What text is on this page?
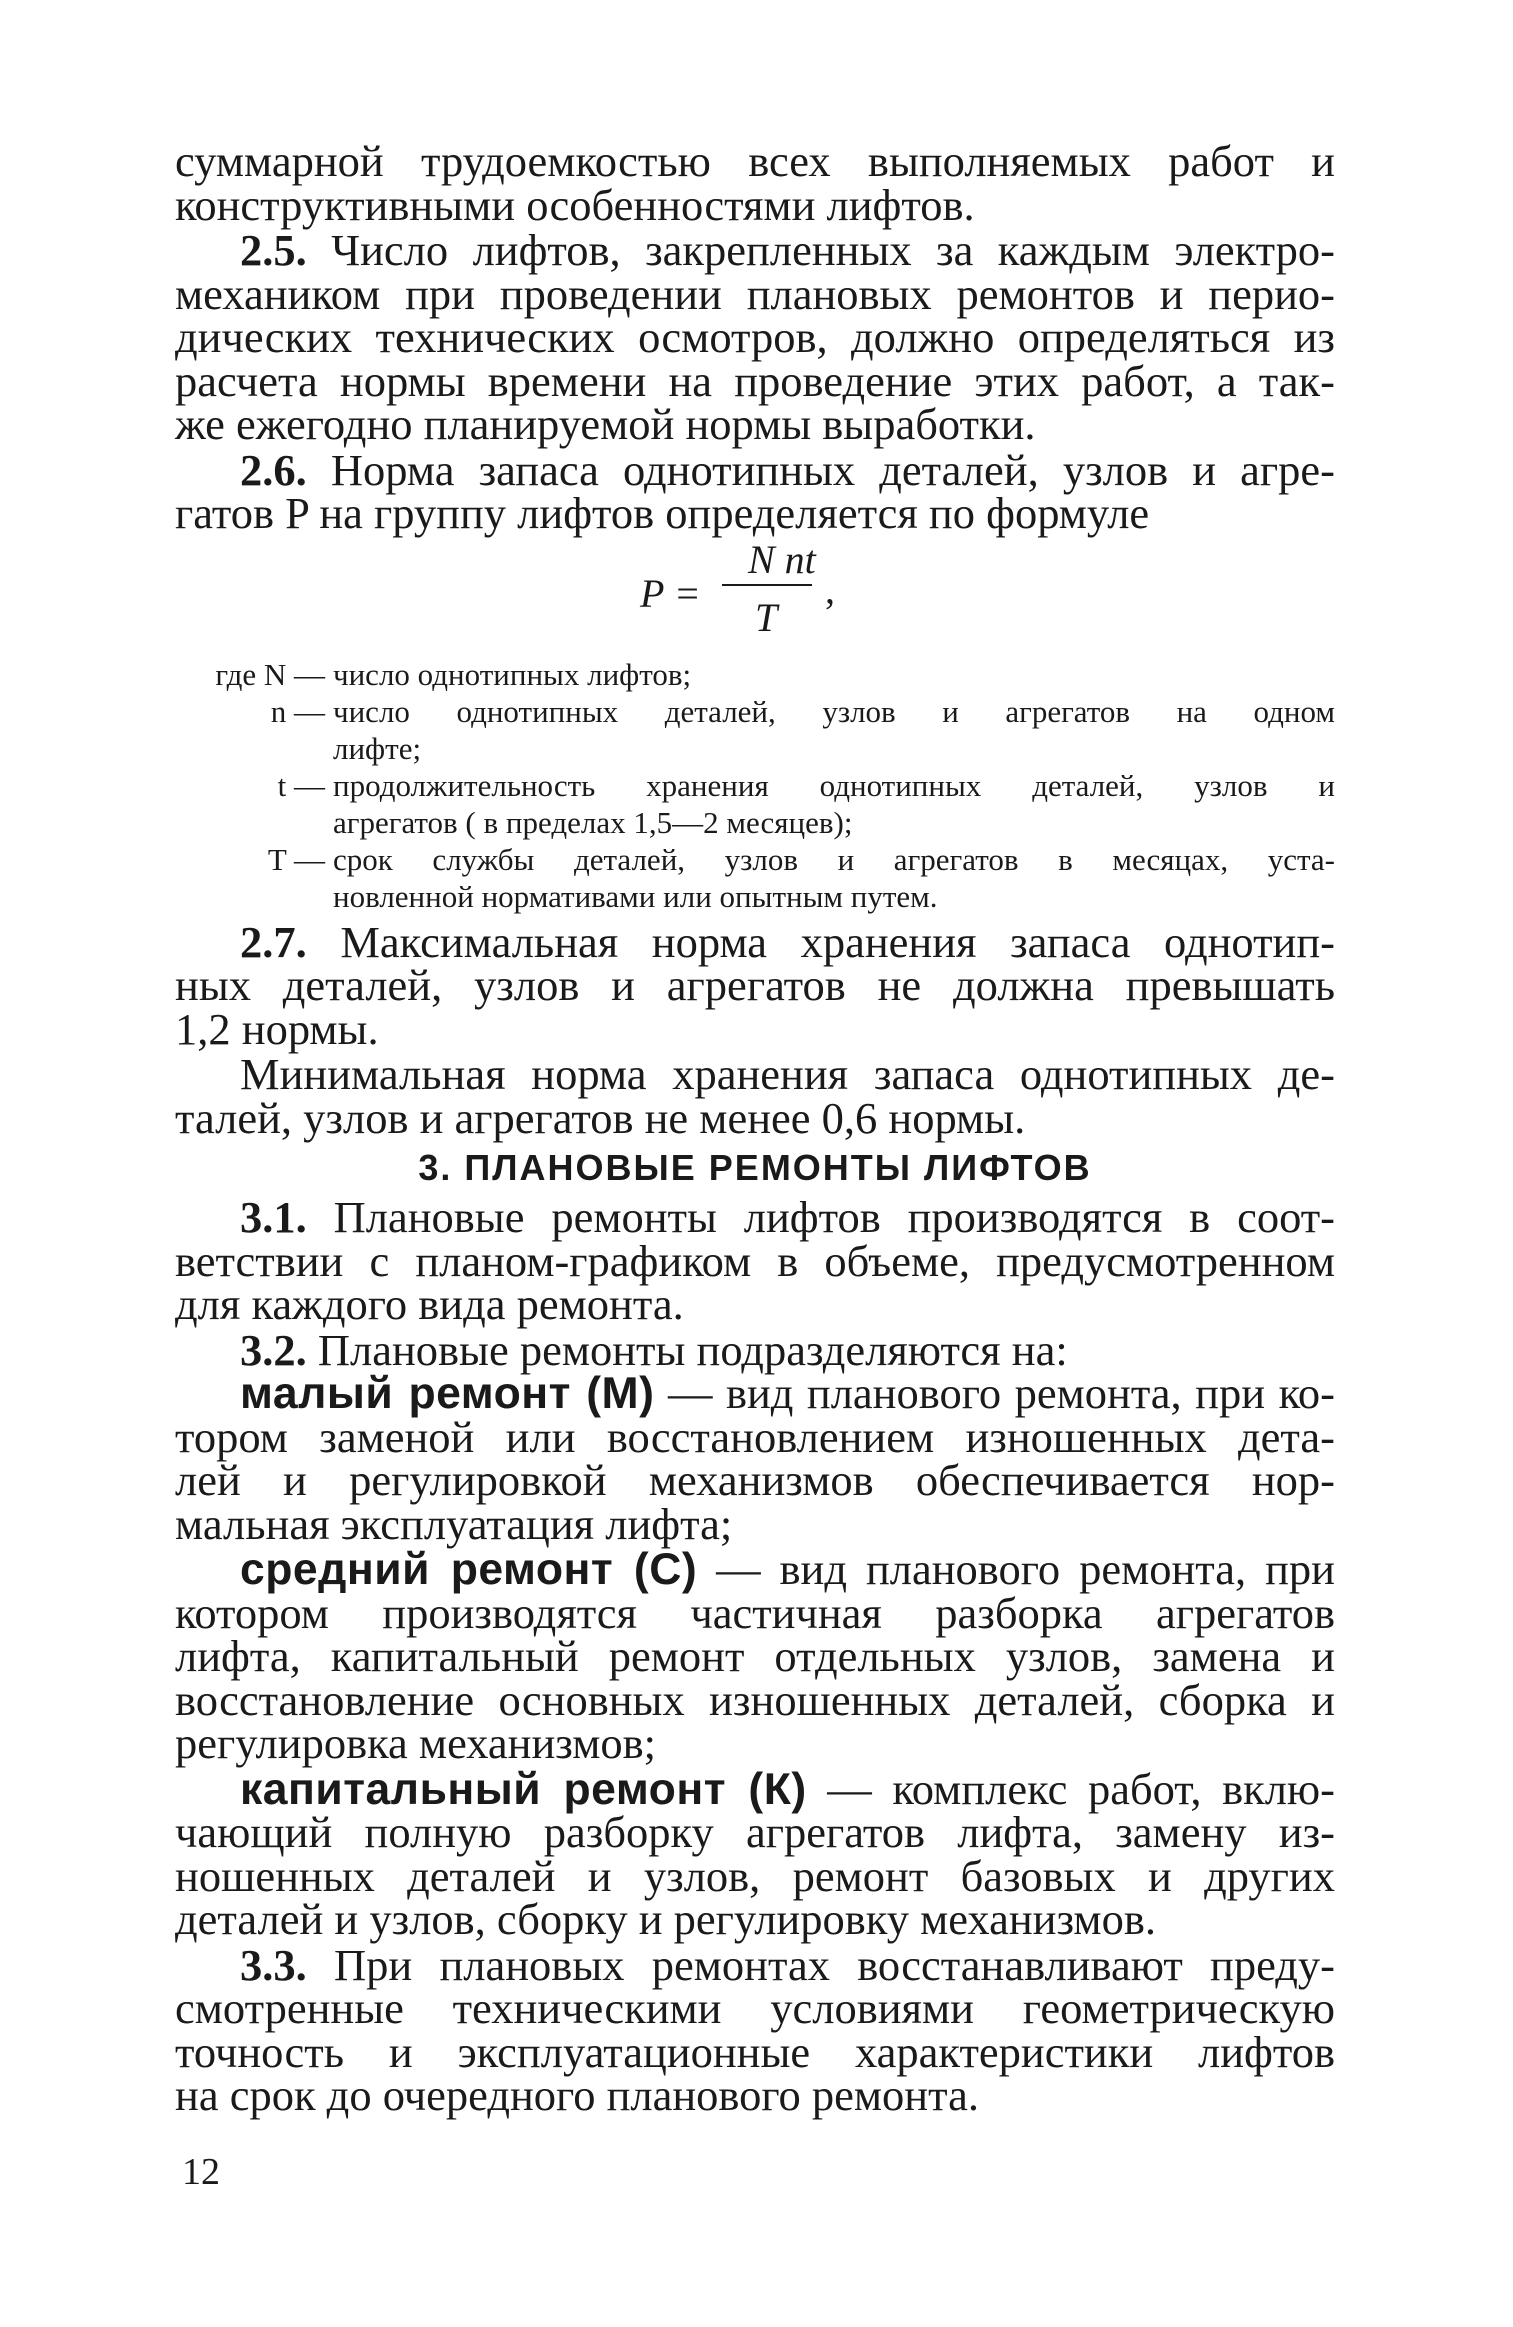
суммарной трудоемкостью всех выполняемых работ и
конструктивными особенностями лифтов.
2.5. Число лифтов, закрепленных за каждым электро-
механиком при проведении плановых ремонтов и перио-
дических технических осмотров, должно определяться из
расчета нормы времени на проведение этих работ, а так-
же ежегодно планируемой нормы выработки.
2.6. Норма запаса однотипных деталей, узлов и агре-
гатов P на группу лифтов определяется по формуле
P =
N nt
T
,
где N — число однотипных лифтов;
n — число однотипных деталей, узлов и агрегатов на одном
лифте;
t — продолжительность хранения однотипных деталей, узлов и
агрегатов ( в пределах 1,5—2 месяцев);
T — срок службы деталей, узлов и агрегатов в месяцах, уста-
новленной нормативами или опытным путем.
2.7. Максимальная норма хранения запаса однотип-
ных деталей, узлов и агрегатов не должна превышать
1,2 нормы.
Минимальная норма хранения запаса однотипных де-
талей, узлов и агрегатов не менее 0,6 нормы.
3. ПЛАНОВЫЕ РЕМОНТЫ ЛИФТОВ
3.1. Плановые ремонты лифтов производятся в соот-
ветствии с планом-графиком в объеме, предусмотренном
для каждого вида ремонта.
3.2. Плановые ремонты подразделяются на:
малый ремонт (М) — вид планового ремонта, при ко-
тором заменой или восстановлением изношенных дета-
лей и регулировкой механизмов обеспечивается нор-
мальная эксплуатация лифта;
средний ремонт (С) — вид планового ремонта, при
котором производятся частичная разборка агрегатов
лифта, капитальный ремонт отдельных узлов, замена и
восстановление основных изношенных деталей, сборка и
регулировка механизмов;
капитальный ремонт (К) — комплекс работ, вклю-
чающий полную разборку агрегатов лифта, замену из-
ношенных деталей и узлов, ремонт базовых и других
деталей и узлов, сборку и регулировку механизмов.
3.3. При плановых ремонтах восстанавливают преду-
смотренные техническими условиями геометрическую
точность и эксплуатационные характеристики лифтов
на срок до очередного планового ремонта.
12
